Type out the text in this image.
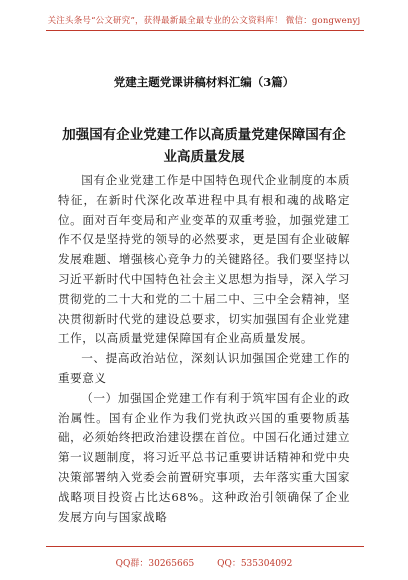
关注头条号“公文研究”，获得最新最全最专业的公文资料库！ 微信：gongwenyj
党建主题党课讲稿材料汇编（3篇）
加强国有企业党建工作以高质量党建保障国有企业高质量发展

国有企业党建工作是中国特色现代企业制度的本质特征，在新时代深化改革进程中具有根和魂的战略定位。面对百年变局和产业变革的双重考验，加强党建工作不仅是坚持党的领导的必然要求，更是国有企业破解发展难题、增强核心竞争力的关键路径。我们要坚持以习近平新时代中国特色社会主义思想为指导，深入学习贯彻党的二十大和党的二十届二中、三中全会精神，坚决贯彻新时代党的建设总要求，切实加强国有企业党建工作，以高质量党建保障国有企业高质量发展。

一、提高政治站位，深刻认识加强国企党建工作的重要意义

（一）加强国企党建工作有利于筑牢国有企业的政治属性。国有企业作为我们党执政兴国的重要物质基础，必须始终把政治建设摆在首位。中国石化通过建立第一议题制度，将习近平总书记重要讲话精神和党中央决策部署纳入党委会前置研究事项，去年落实重大国家战略项目投资占比达68%。这种政治引领确保了企业发展方向与国家战略

QQ群：30265665	QQ：535304092
